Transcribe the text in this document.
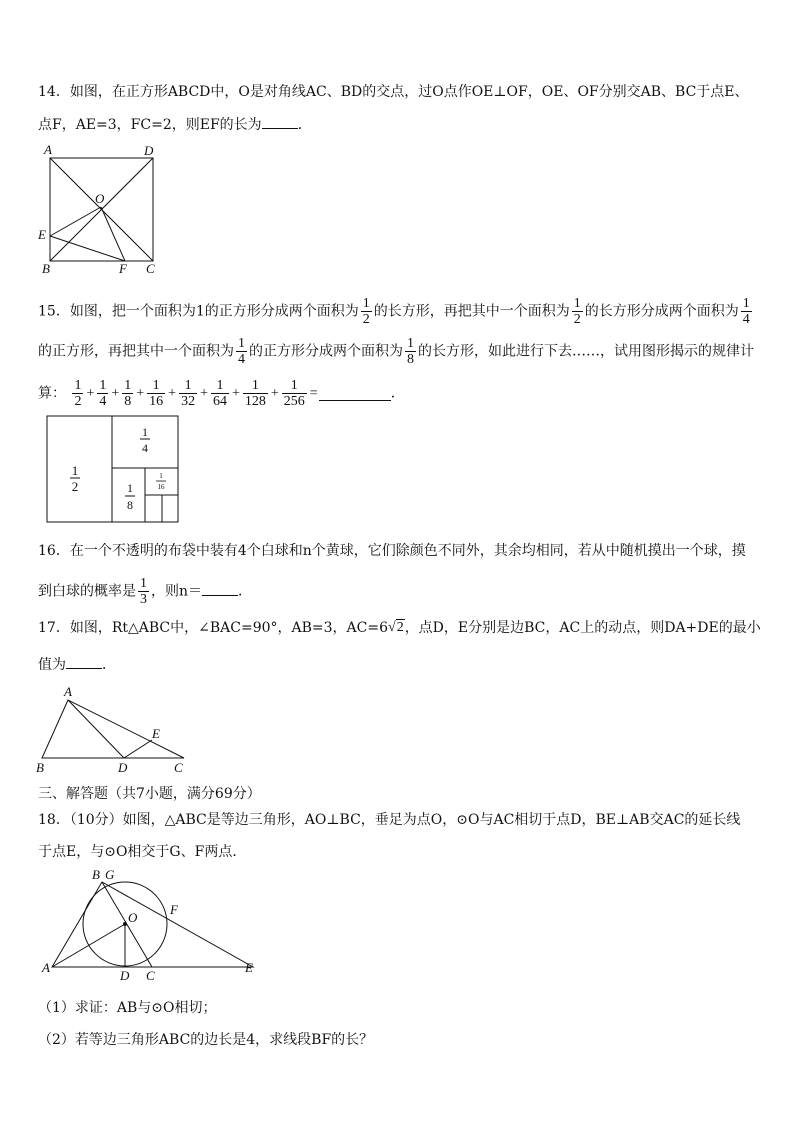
14．如图，在正方形ABCD中，O是对角线AC、BD的交点，过O点作OE⊥OF，OE、OF分别交AB、BC于点E、
点F，AE=3，FC=2，则EF的长为	．
A	D
O
E
B	F C
15．如图，把一个面积为1的正方形分成两个面积为 $\frac{1}{2}$ 的长方形，再把其中一个面积为 $\frac{1}{2}$ 的长方形分成两个面积为 $\frac{1}{4}$
的正方形，再把其中一个面积为 $\frac{1}{4}$ 的正方形分成两个面积为 $\frac{1}{8}$ 的长方形，如此进行下去……，试用图形揭示的规律计
算： $\frac{1}{2} + \frac{1}{4} + \frac{1}{8} + \frac{1}{16} + \frac{1}{32} + \frac{1}{64} + \frac{1}{128} + \frac{1}{256}$ =	．
1
2
1
4
1
8
1
16
16．在一个不透明的布袋中装有4个白球和n个黄球，它们除颜色不同外，其余均相同，若从中随机摸出一个球，摸
到白球的概率是 $\frac{1}{3}$ ，则n＝	．
17．如图，Rt△ABC中，∠BAC=90°，AB=3，AC=6√2，点D，E分别是边BC，AC上的动点，则DA+DE的最小
值为	．
A
B	D	C
E
三、解答题（共7小题，满分69分）
18．（10分）如图，△ABC是等边三角形，AO⊥BC，垂足为点O，⊙O与AC相切于点D，BE⊥AB交AC的延长线
于点E，与⊙O相交于G、F两点．
B G
O
F
A
D C
E
（1）求证：AB与⊙O相切；
（2）若等边三角形ABC的边长是4，求线段BF的长？
